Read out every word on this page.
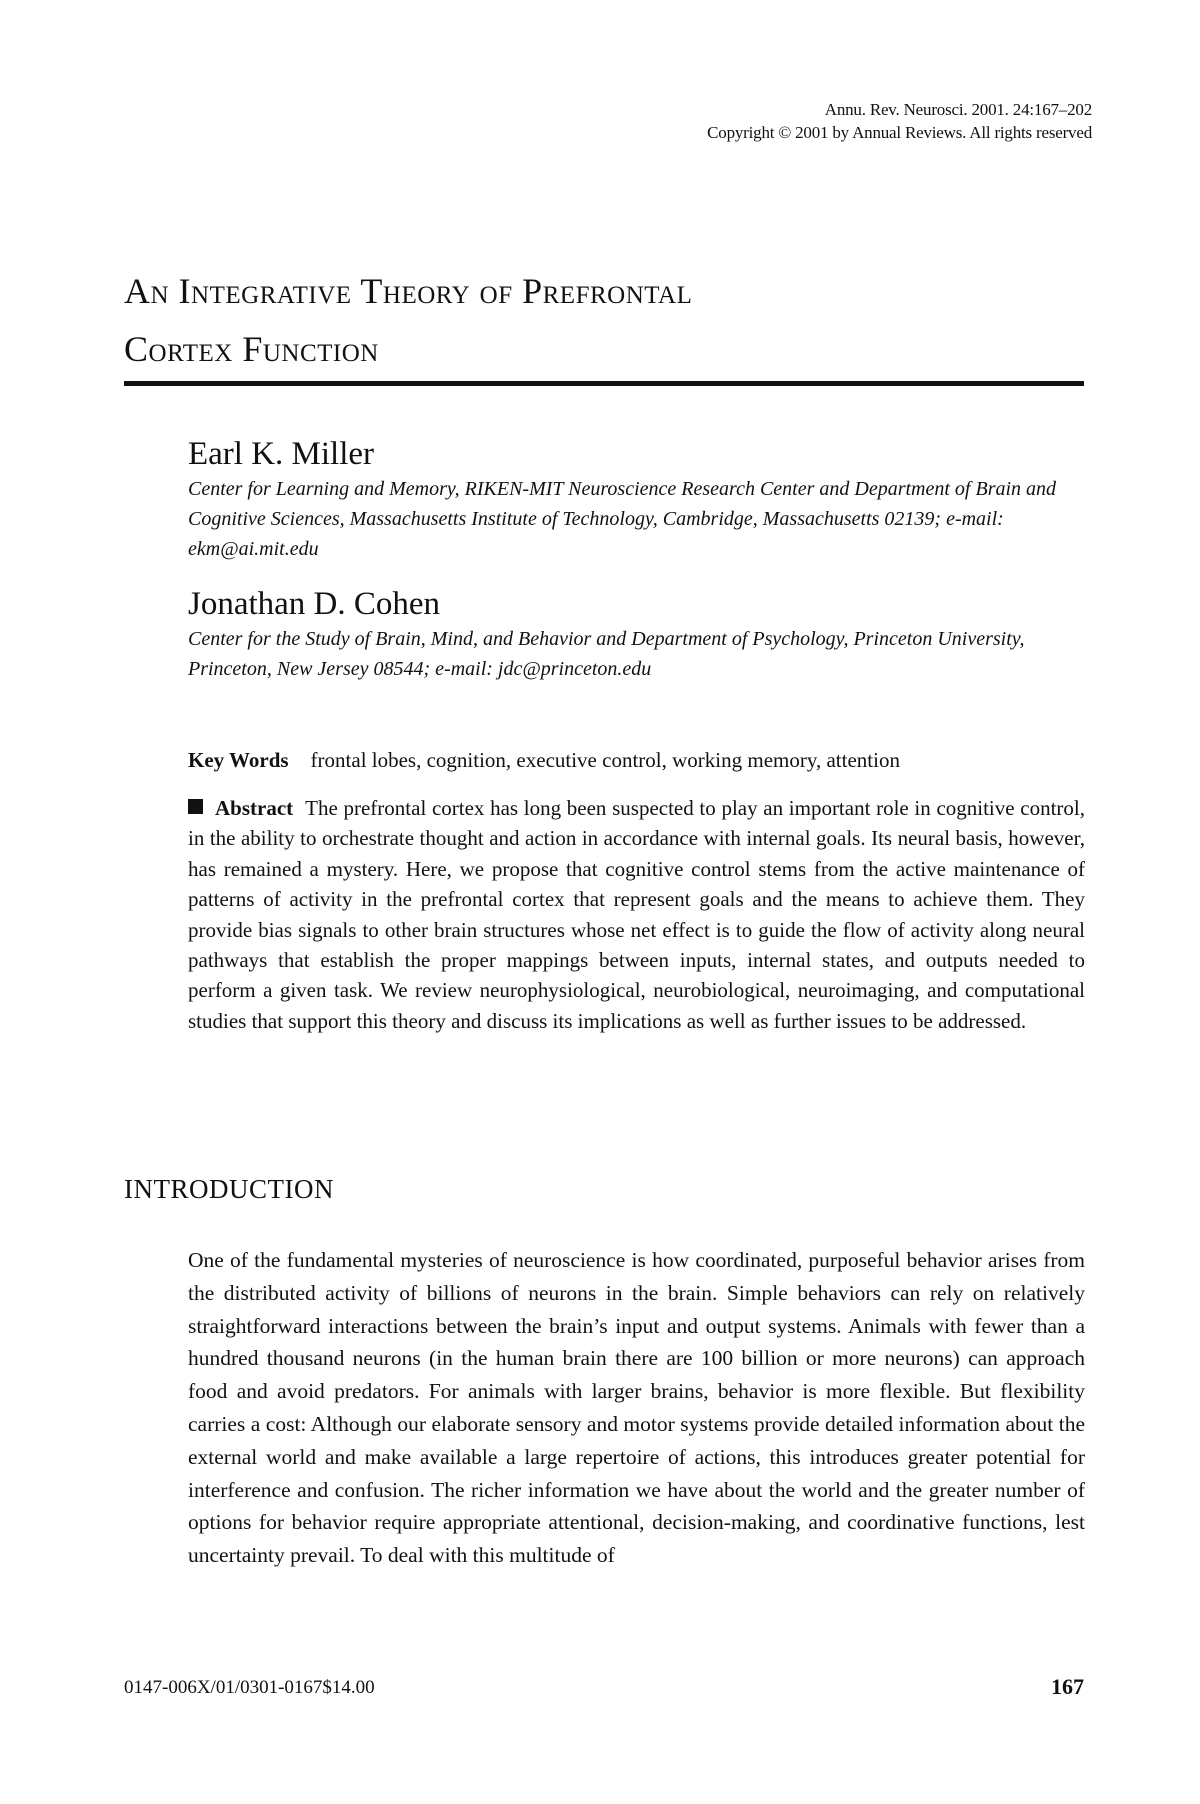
Annu. Rev. Neurosci. 2001. 24:167–202
Copyright © 2001 by Annual Reviews. All rights reserved
An Integrative Theory of Prefrontal
Cortex Function

Earl K. Miller

Center for Learning and Memory, RIKEN-MIT Neuroscience Research Center and Department of Brain and Cognitive Sciences, Massachusetts Institute of Technology, Cambridge, Massachusetts 02139; e-mail: ekm@ai.mit.edu

Jonathan D. Cohen

Center for the Study of Brain, Mind, and Behavior and Department of Psychology, Princeton University, Princeton, New Jersey 08544; e-mail: jdc@princeton.edu

Key Words frontal lobes, cognition, executive control, working memory, attention

Abstract The prefrontal cortex has long been suspected to play an important role in cognitive control, in the ability to orchestrate thought and action in accordance with internal goals. Its neural basis, however, has remained a mystery. Here, we propose that cognitive control stems from the active maintenance of patterns of activity in the prefrontal cortex that represent goals and the means to achieve them. They provide bias signals to other brain structures whose net effect is to guide the flow of activity along neural pathways that establish the proper mappings between inputs, internal states, and outputs needed to perform a given task. We review neurophysiological, neurobiological, neuroimaging, and computational studies that support this theory and discuss its implications as well as further issues to be addressed.

INTRODUCTION

One of the fundamental mysteries of neuroscience is how coordinated, purposeful behavior arises from the distributed activity of billions of neurons in the brain. Simple behaviors can rely on relatively straightforward interactions between the brain’s input and output systems. Animals with fewer than a hundred thousand neurons (in the human brain there are 100 billion or more neurons) can approach food and avoid predators. For animals with larger brains, behavior is more flexible. But flexibility carries a cost: Although our elaborate sensory and motor systems provide detailed information about the external world and make available a large repertoire of actions, this introduces greater potential for interference and confusion. The richer information we have about the world and the greater number of options for behavior require appropriate attentional, decision-making, and coordinative functions, lest uncertainty prevail. To deal with this multitude of

0147-006X/01/0301-0167$14.00	167
